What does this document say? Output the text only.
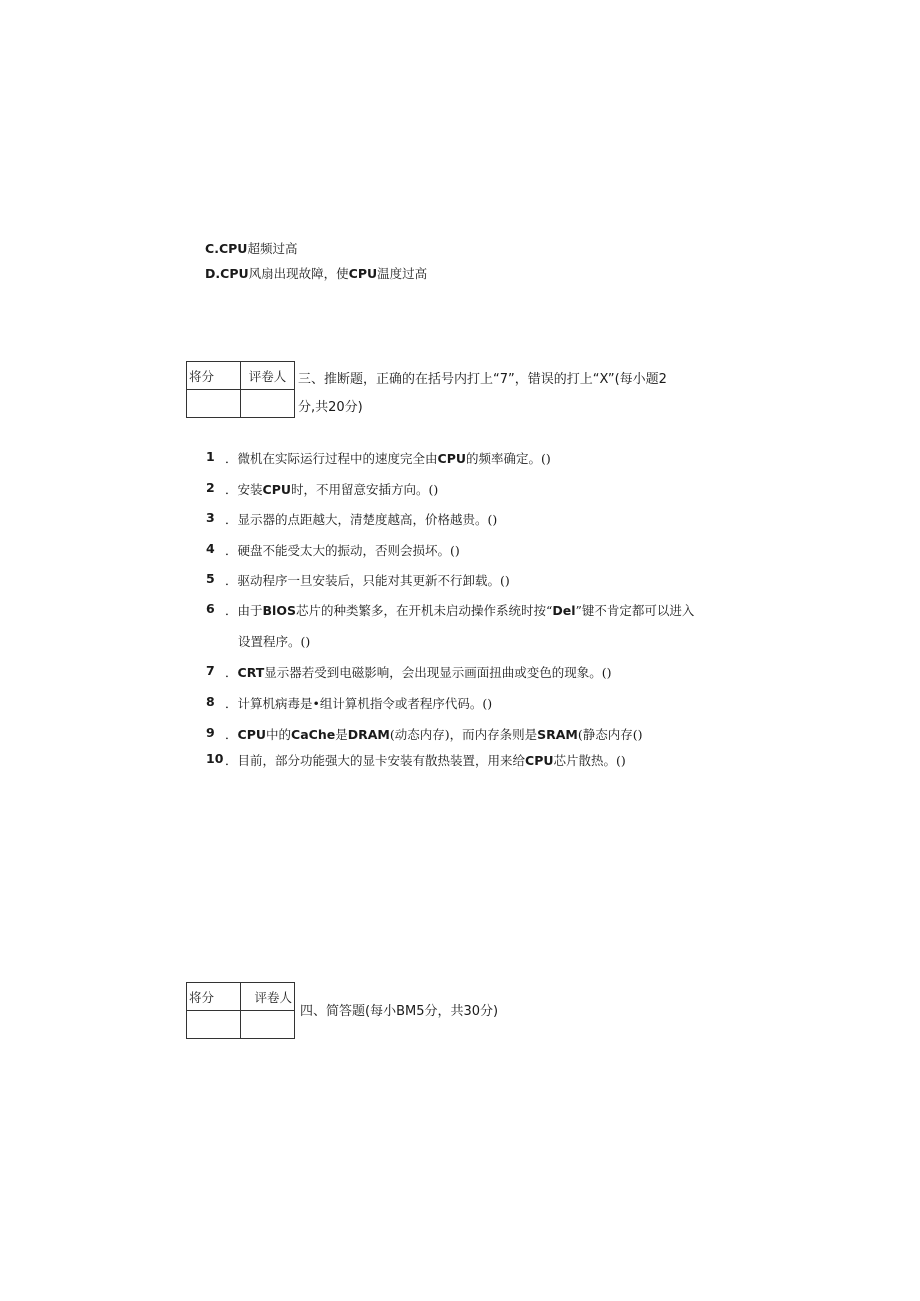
C.CPU超频过高
D.CPU风扇出现故障，使CPU温度过高
将分	评卷人
	三、推断题，正确的在括号内打上“7”，错误的打上“X”(每小题2
分,共20分)
1 ．微机在实际运行过程中的速度完全由CPU的频率确定。()
2 ．安装CPU时，不用留意安插方向。()
3 ．显示器的点距越大，清楚度越高，价格越贵。()
4 ．硬盘不能受太大的振动，否则会损坏。()
5 ．驱动程序一旦安装后，只能对其更新不行卸载。()
6 ．由于BlOS芯片的种类繁多，在开机未启动操作系统时按“Del”键不肯定都可以进入
设置程序。()
7 ．CRT显示器若受到电磁影响，会出现显示画面扭曲或变色的现象。()
8 ．计算机病毒是•组计算机指令或者程序代码。()
9 ．CPU中的CaChe是DRAM(动态内存)，而内存条则是SRAM(静态内存()
10 ．目前，部分功能强大的显卡安装有散热装置，用来给CPU芯片散热。()
将分	评卷人

四、简答题(每小BM5分，共30分)
